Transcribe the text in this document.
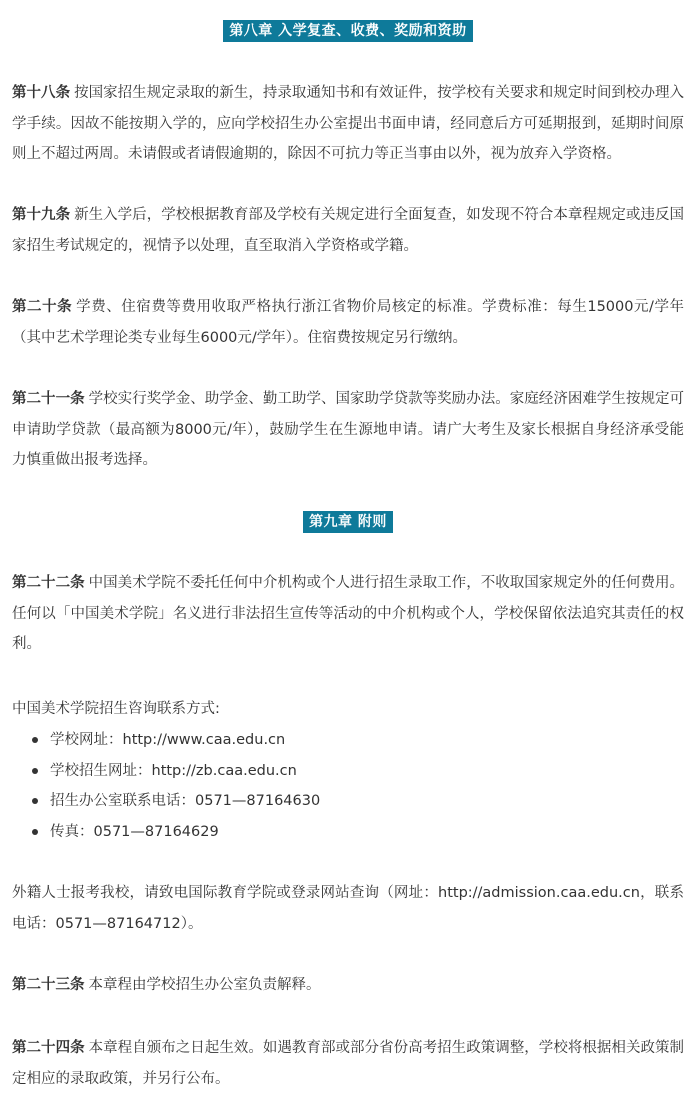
第八章 入学复查、收费、奖励和资助

第十八条 按国家招生规定录取的新生，持录取通知书和有效证件，按学校有关要求和规定时间到校办理入学手续。因故不能按期入学的，应向学校招生办公室提出书面申请，经同意后方可延期报到，延期时间原则上不超过两周。未请假或者请假逾期的，除因不可抗力等正当事由以外，视为放弃入学资格。

第十九条 新生入学后，学校根据教育部及学校有关规定进行全面复查，如发现不符合本章程规定或违反国家招生考试规定的，视情予以处理，直至取消入学资格或学籍。

第二十条 学费、住宿费等费用收取严格执行浙江省物价局核定的标准。学费标准：每生15000元/学年（其中艺术学理论类专业每生6000元/学年）。住宿费按规定另行缴纳。

第二十一条 学校实行奖学金、助学金、勤工助学、国家助学贷款等奖励办法。家庭经济困难学生按规定可申请助学贷款（最高额为8000元/年），鼓励学生在生源地申请。请广大考生及家长根据自身经济承受能力慎重做出报考选择。

第九章 附则

第二十二条 中国美术学院不委托任何中介机构或个人进行招生录取工作，不收取国家规定外的任何费用。任何以「中国美术学院」名义进行非法招生宣传等活动的中介机构或个人，学校保留依法追究其责任的权利。

中国美术学院招生咨询联系方式:

学校网址：http://www.caa.edu.cn
学校招生网址：http://zb.caa.edu.cn
招生办公室联系电话：0571—87164630
传真：0571—87164629

外籍人士报考我校，请致电国际教育学院或登录网站查询（网址：http://admission.caa.edu.cn，联系电话：0571—87164712）。

第二十三条 本章程由学校招生办公室负责解释。

第二十四条 本章程自颁布之日起生效。如遇教育部或部分省份高考招生政策调整，学校将根据相关政策制定相应的录取政策，并另行公布。
